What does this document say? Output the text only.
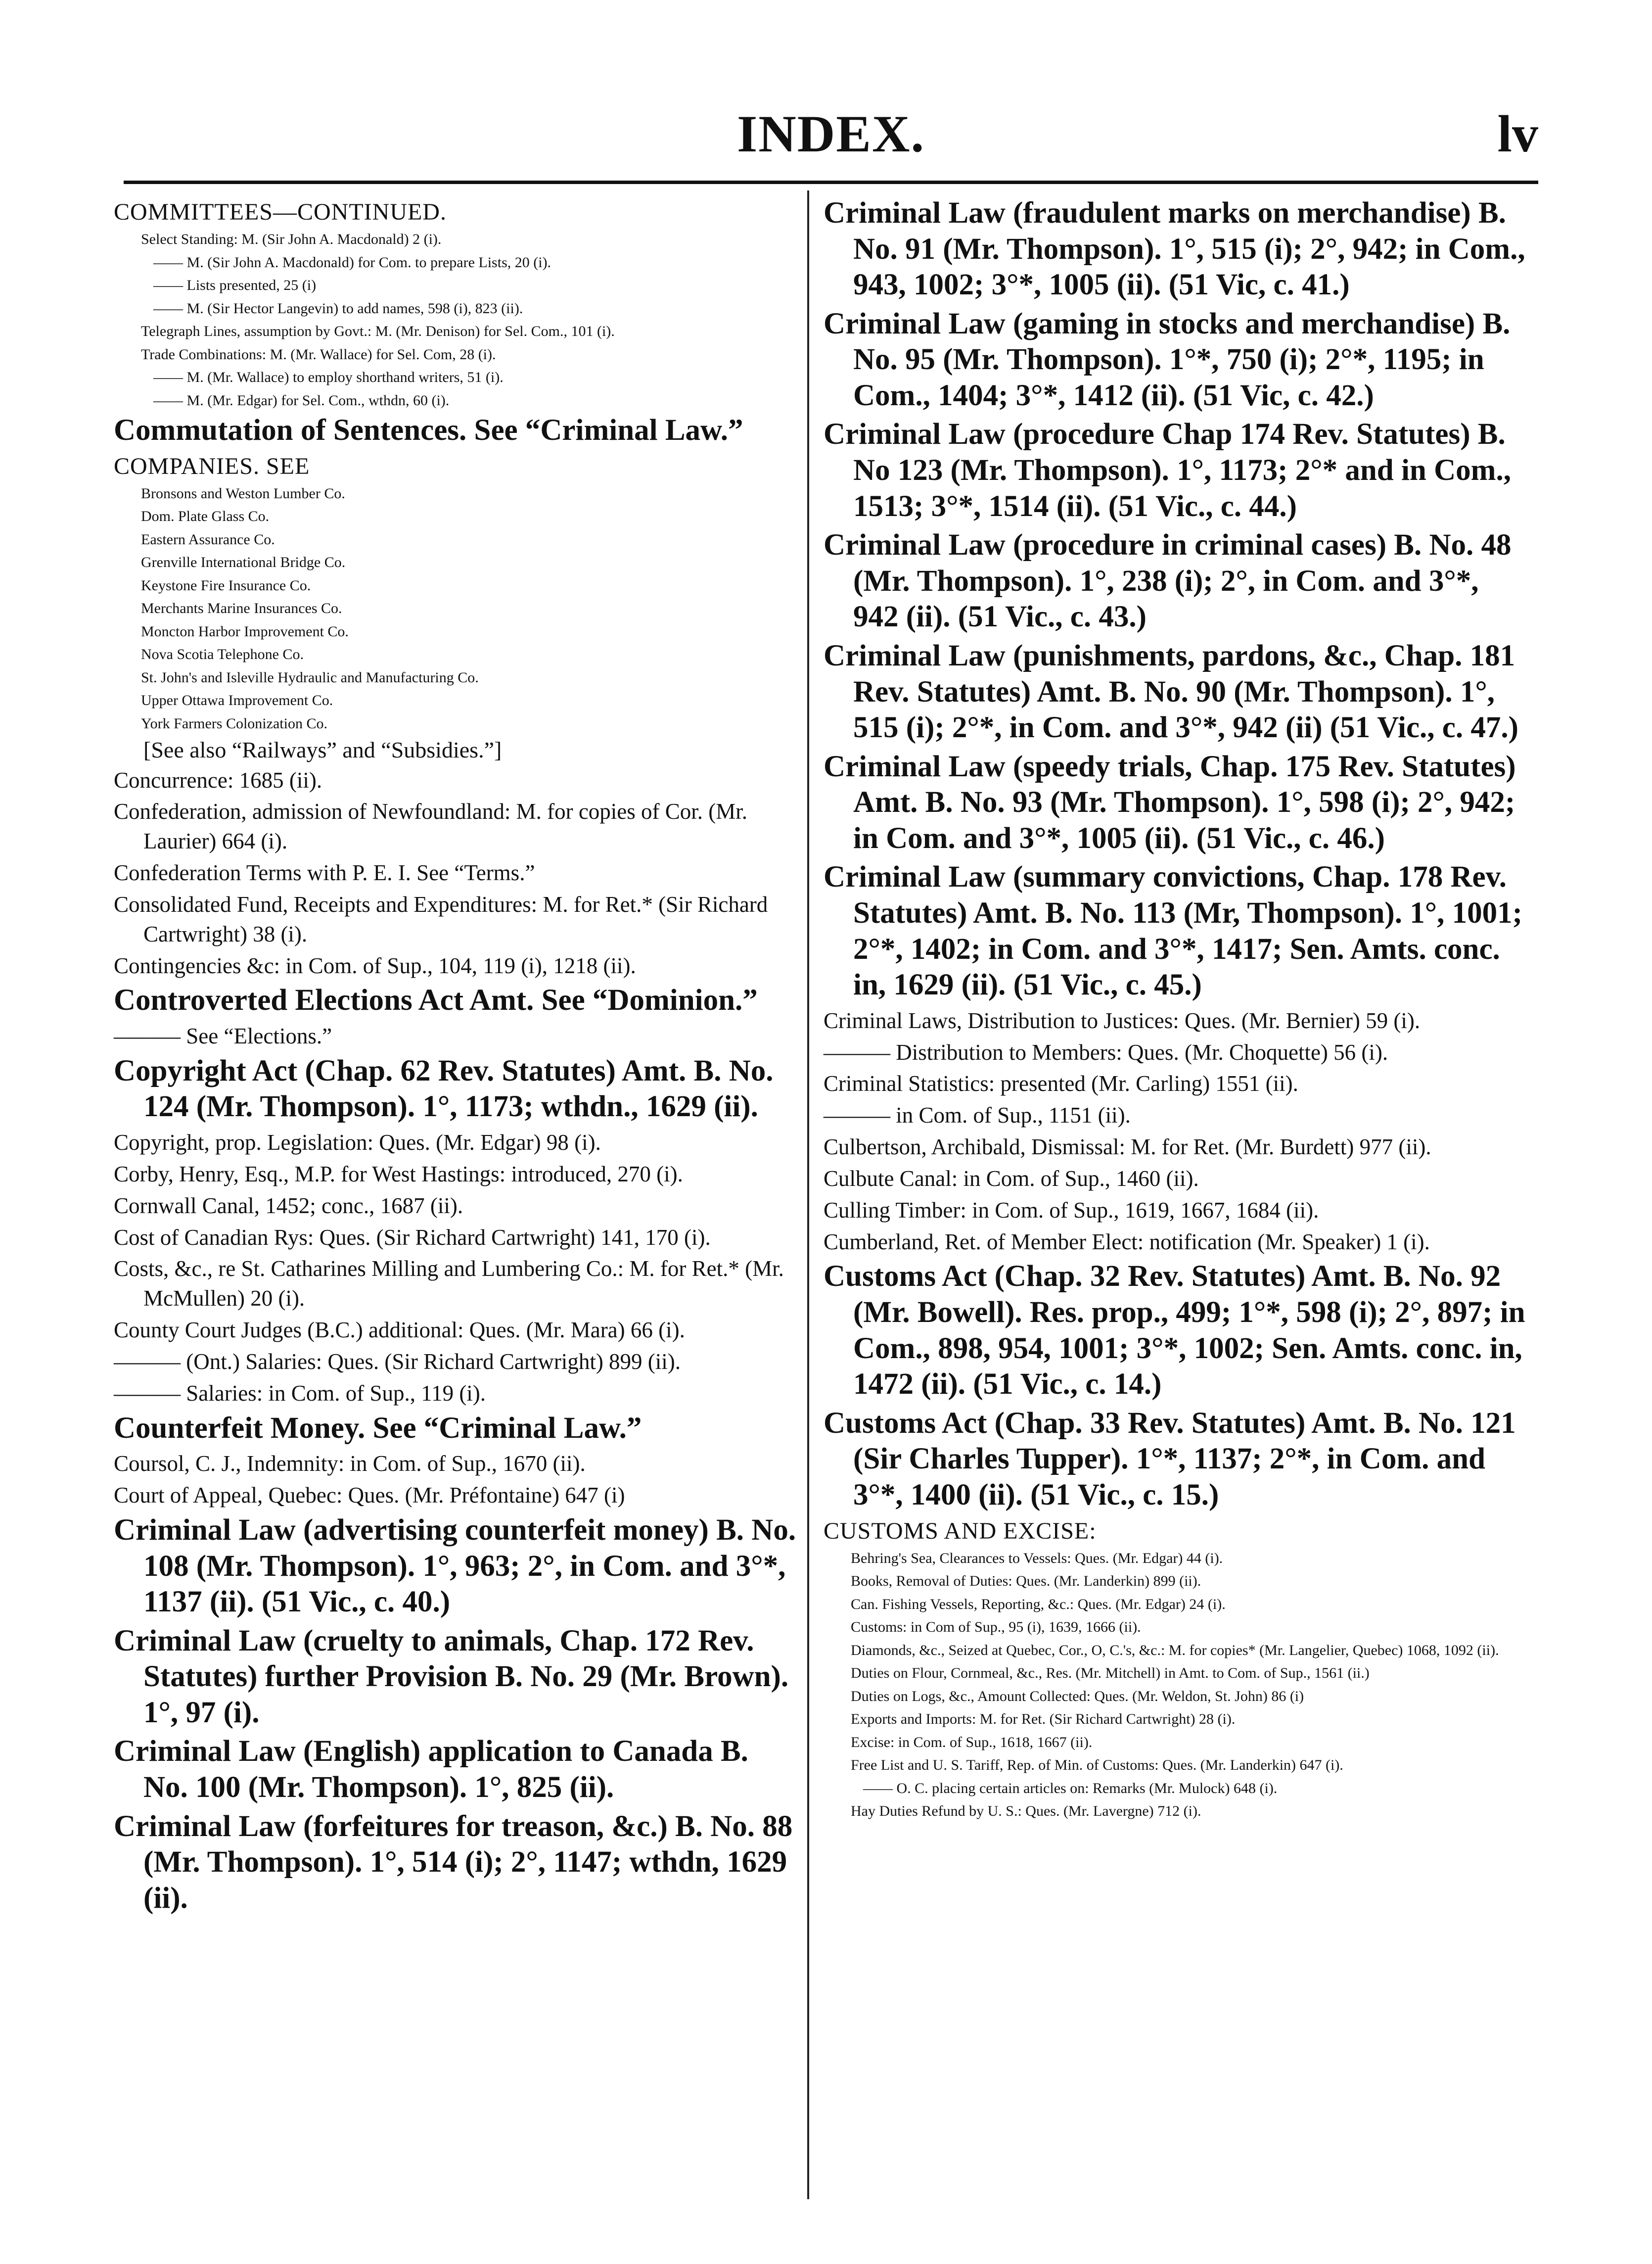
INDEX.	lv
COMMITTEES—CONTINUED.
Select Standing: M. (Sir John A. Macdonald) 2 (i).
—— M. (Sir John A. Macdonald) for Com. to prepare Lists, 20 (i).
—— Lists presented, 25 (i)
—— M. (Sir Hector Langevin) to add names, 598 (i), 823 (ii).
Telegraph Lines, assumption by Govt.: M. (Mr. Denison) for Sel. Com., 101 (i).
Trade Combinations: M. (Mr. Wallace) for Sel. Com, 28 (i).
—— M. (Mr. Wallace) to employ shorthand writers, 51 (i).
—— M. (Mr. Edgar) for Sel. Com., wthdn, 60 (i).
Commutation of Sentences. See “Criminal Law.”
COMPANIES. SEE
Bronsons and Weston Lumber Co.
Dom. Plate Glass Co.
Eastern Assurance Co.
Grenville International Bridge Co.
Keystone Fire Insurance Co.
Merchants Marine Insurances Co.
Moncton Harbor Improvement Co.
Nova Scotia Telephone Co.
St. John's and Isleville Hydraulic and Manufacturing Co.
Upper Ottawa Improvement Co.
York Farmers Colonization Co.
[See also “Railways” and “Subsidies.”]
Concurrence: 1685 (ii).
Confederation, admission of Newfoundland: M. for copies of Cor. (Mr. Laurier) 664 (i).
Confederation Terms with P. E. I. See “Terms.”
Consolidated Fund, Receipts and Expenditures: M. for Ret.* (Sir Richard Cartwright) 38 (i).
Contingencies &c: in Com. of Sup., 104, 119 (i), 1218 (ii).
Controverted Elections Act Amt. See “Dominion.”
——— See “Elections.”
Copyright Act (Chap. 62 Rev. Statutes) Amt. B. No. 124 (Mr. Thompson). 1°, 1173; wthdn., 1629 (ii).
Copyright, prop. Legislation: Ques. (Mr. Edgar) 98 (i).
Corby, Henry, Esq., M.P. for West Hastings: introduced, 270 (i).
Cornwall Canal, 1452; conc., 1687 (ii).
Cost of Canadian Rys: Ques. (Sir Richard Cartwright) 141, 170 (i).
Costs, &c., re St. Catharines Milling and Lumbering Co.: M. for Ret.* (Mr. McMullen) 20 (i).
County Court Judges (B.C.) additional: Ques. (Mr. Mara) 66 (i).
——— (Ont.) Salaries: Ques. (Sir Richard Cartwright) 899 (ii).
——— Salaries: in Com. of Sup., 119 (i).
Counterfeit Money. See “Criminal Law.”
Coursol, C. J., Indemnity: in Com. of Sup., 1670 (ii).
Court of Appeal, Quebec: Ques. (Mr. Préfontaine) 647 (i)
Criminal Law (advertising counterfeit money) B. No. 108 (Mr. Thompson). 1°, 963; 2°, in Com. and 3°*, 1137 (ii). (51 Vic., c. 40.)
Criminal Law (cruelty to animals, Chap. 172 Rev. Statutes) further Provision B. No. 29 (Mr. Brown). 1°, 97 (i).
Criminal Law (English) application to Canada B. No. 100 (Mr. Thompson). 1°, 825 (ii).
Criminal Law (forfeitures for treason, &c.) B. No. 88 (Mr. Thompson). 1°, 514 (i); 2°, 1147; wthdn, 1629 (ii).
Criminal Law (fraudulent marks on merchandise) B. No. 91 (Mr. Thompson). 1°, 515 (i); 2°, 942; in Com., 943, 1002; 3°*, 1005 (ii). (51 Vic, c. 41.)
Criminal Law (gaming in stocks and merchandise) B. No. 95 (Mr. Thompson). 1°*, 750 (i); 2°*, 1195; in Com., 1404; 3°*, 1412 (ii). (51 Vic, c. 42.)
Criminal Law (procedure Chap 174 Rev. Statutes) B. No 123 (Mr. Thompson). 1°, 1173; 2°* and in Com., 1513; 3°*, 1514 (ii). (51 Vic., c. 44.)
Criminal Law (procedure in criminal cases) B. No. 48 (Mr. Thompson). 1°, 238 (i); 2°, in Com. and 3°*, 942 (ii). (51 Vic., c. 43.)
Criminal Law (punishments, pardons, &c., Chap. 181 Rev. Statutes) Amt. B. No. 90 (Mr. Thompson). 1°, 515 (i); 2°*, in Com. and 3°*, 942 (ii) (51 Vic., c. 47.)
Criminal Law (speedy trials, Chap. 175 Rev. Statutes) Amt. B. No. 93 (Mr. Thompson). 1°, 598 (i); 2°, 942; in Com. and 3°*, 1005 (ii). (51 Vic., c. 46.)
Criminal Law (summary convictions, Chap. 178 Rev. Statutes) Amt. B. No. 113 (Mr, Thompson). 1°, 1001; 2°*, 1402; in Com. and 3°*, 1417; Sen. Amts. conc. in, 1629 (ii). (51 Vic., c. 45.)
Criminal Laws, Distribution to Justices: Ques. (Mr. Bernier) 59 (i).
——— Distribution to Members: Ques. (Mr. Choquette) 56 (i).
Criminal Statistics: presented (Mr. Carling) 1551 (ii).
——— in Com. of Sup., 1151 (ii).
Culbertson, Archibald, Dismissal: M. for Ret. (Mr. Burdett) 977 (ii).
Culbute Canal: in Com. of Sup., 1460 (ii).
Culling Timber: in Com. of Sup., 1619, 1667, 1684 (ii).
Cumberland, Ret. of Member Elect: notification (Mr. Speaker) 1 (i).
Customs Act (Chap. 32 Rev. Statutes) Amt. B. No. 92 (Mr. Bowell). Res. prop., 499; 1°*, 598 (i); 2°, 897; in Com., 898, 954, 1001; 3°*, 1002; Sen. Amts. conc. in, 1472 (ii). (51 Vic., c. 14.)
Customs Act (Chap. 33 Rev. Statutes) Amt. B. No. 121 (Sir Charles Tupper). 1°*, 1137; 2°*, in Com. and 3°*, 1400 (ii). (51 Vic., c. 15.)
CUSTOMS AND EXCISE:
Behring's Sea, Clearances to Vessels: Ques. (Mr. Edgar) 44 (i).
Books, Removal of Duties: Ques. (Mr. Landerkin) 899 (ii).
Can. Fishing Vessels, Reporting, &c.: Ques. (Mr. Edgar) 24 (i).
Customs: in Com of Sup., 95 (i), 1639, 1666 (ii).
Diamonds, &c., Seized at Quebec, Cor., O, C.'s, &c.: M. for copies* (Mr. Langelier, Quebec) 1068, 1092 (ii).
Duties on Flour, Cornmeal, &c., Res. (Mr. Mitchell) in Amt. to Com. of Sup., 1561 (ii.)
Duties on Logs, &c., Amount Collected: Ques. (Mr. Weldon, St. John) 86 (i)
Exports and Imports: M. for Ret. (Sir Richard Cartwright) 28 (i).
Excise: in Com. of Sup., 1618, 1667 (ii).
Free List and U. S. Tariff, Rep. of Min. of Customs: Ques. (Mr. Landerkin) 647 (i).
—— O. C. placing certain articles on: Remarks (Mr. Mulock) 648 (i).
Hay Duties Refund by U. S.: Ques. (Mr. Lavergne) 712 (i).
